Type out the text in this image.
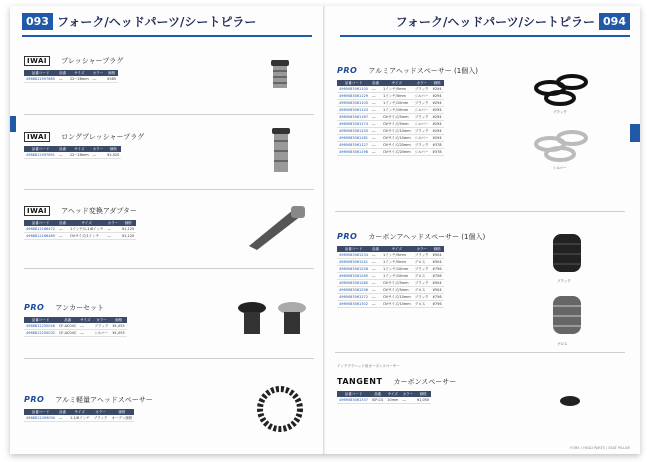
093 フォーク/ヘッドパーツ/シートピラー
IWAI プレッシャープラグ
品番コード	品番	サイズ	カラー	価格
4968812597685	―	22~28mm	―	¥385
IWAI ロングプレッシャープラグ
品番コード	品番	サイズ	カラー	価格
4968812597691	―	22~28mm	―	¥2,520
IWAI アヘッド変換アダプター
品番コード	品番	サイズ	カラー	価格
4968812166472	―	1インチ/1-1/8インチ	―	¥1,120
4968812166489	―	OVサイズ/1インチ	―	¥1,120
PRO アンカーセット
品番コード	品番	サイズ	カラー	価格
4968812250046	CF-AC04C	―	ブラック	¥1,055
4968812250032	CF-AC04C	―	シルバー	¥1,055
PRO アルミ軽量アヘッドスペーサー
品番コード	品番	サイズ	カラー	価格
4968812409090	―	1-1/8インチ	ブラック	オープン価格
フォーク/ヘッドパーツ/シートピラー 094
PRO アルミアヘッドスペーサー (1個入)
品番コード	品番	サイズ	カラー	価格
4969083061105	―	1インチ/5mm	ブラック	¥294
4969083061129	―	1インチ/5mm	シルバー	¥294
4969083061105	―	1インチ/10mm	ブラック	¥294
4969083061143	―	1インチ/10mm	シルバー	¥294
4969083061167	―	OVサイズ/5mm	ブラック	¥294
4969083061174	―	OVサイズ/5mm	シルバー	¥294
4969083061150	―	OVサイズ/10mm	ブラック	¥294
4969083061181	―	OVサイズ/10mm	シルバー	¥294
4969083061127	―	OVサイズ/20mm	ブラック	¥378
4969083061198	―	OVサイズ/20mm	シルバー	¥378
ブラック
シルバー
PRO カーボンアヘッドスペーサー (1個入)
品番コード	品番	サイズ	カラー	価格
4969083061234	―	1インチ/5mm	ブラック	¥504
4969083061241	―	1インチ/5mm	グロス	¥504
4969083061258	―	1インチ/10mm	ブラック	¥756
4969083061265	―	1インチ/10mm	グロス	¥756
4969083061280	―	OVサイズ/5mm	ブラック	¥504
4969083061296	―	OVサイズ/5mm	グロス	¥504
4969083061272	―	OVサイズ/10mm	ブラック	¥756
4969083061302	―	OVサイズ/10mm	グロス	¥756
ブラック
グロス
インテグラヘッド用カーボンスペーサー
TANGENT カーボンスペーサー
品番コード	品番	サイズ	カラー	価格
4969083061337	ISP-CS	10mm	―	¥1,050
FORK / HEAD PARTS / SEAT PILLAR
